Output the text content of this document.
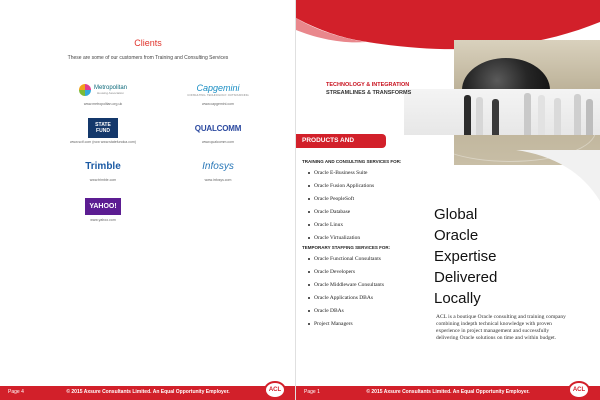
Clients
These are some of our customers from Training and Consulting Services
Metropolitan
Housing Association
www.metropolitan.org.uk
Capgemini
CONSULTING. TECHNOLOGY. OUTSOURCING
www.capgemini.com
STATE FUND
www.scif.com (now www.statefundca.com)
QUALCOMM
www.qualcomm.com
Trimble
www.trimble.com
Infosys
www.infosys.com
YAHOO!
www.yahoo.com
Page 4	© 2015 Axsure Consultants Limited. An Equal Opportunity Employer.	ACL
TECHNOLOGY & INTEGRATION
STREAMLINES & TRANSFORMS
PRODUCTS AND SERVICES
TRAINING AND CONSULTING SERVICES FOR:
Oracle E-Business Suite
Oracle Fusion Applications
Oracle PeopleSoft
Oracle Database
Oracle Linux
Oracle Virtualization
TEMPORARY STAFFING SERVICES FOR:
Oracle Functional Consultants
Oracle Developers
Oracle Middleware Consultants
Oracle Applications DBAs
Oracle DBAs
Project Managers
Global
Oracle
Expertise
Delivered
Locally
ACL is a boutique Oracle consulting and training company combining indepth technical knowledge with proven experience in project management and successfully delivering Oracle solutions on time and within budget.
Page 1	© 2015 Axsure Consultants Limited. An Equal Opportunity Employer.	ACL
